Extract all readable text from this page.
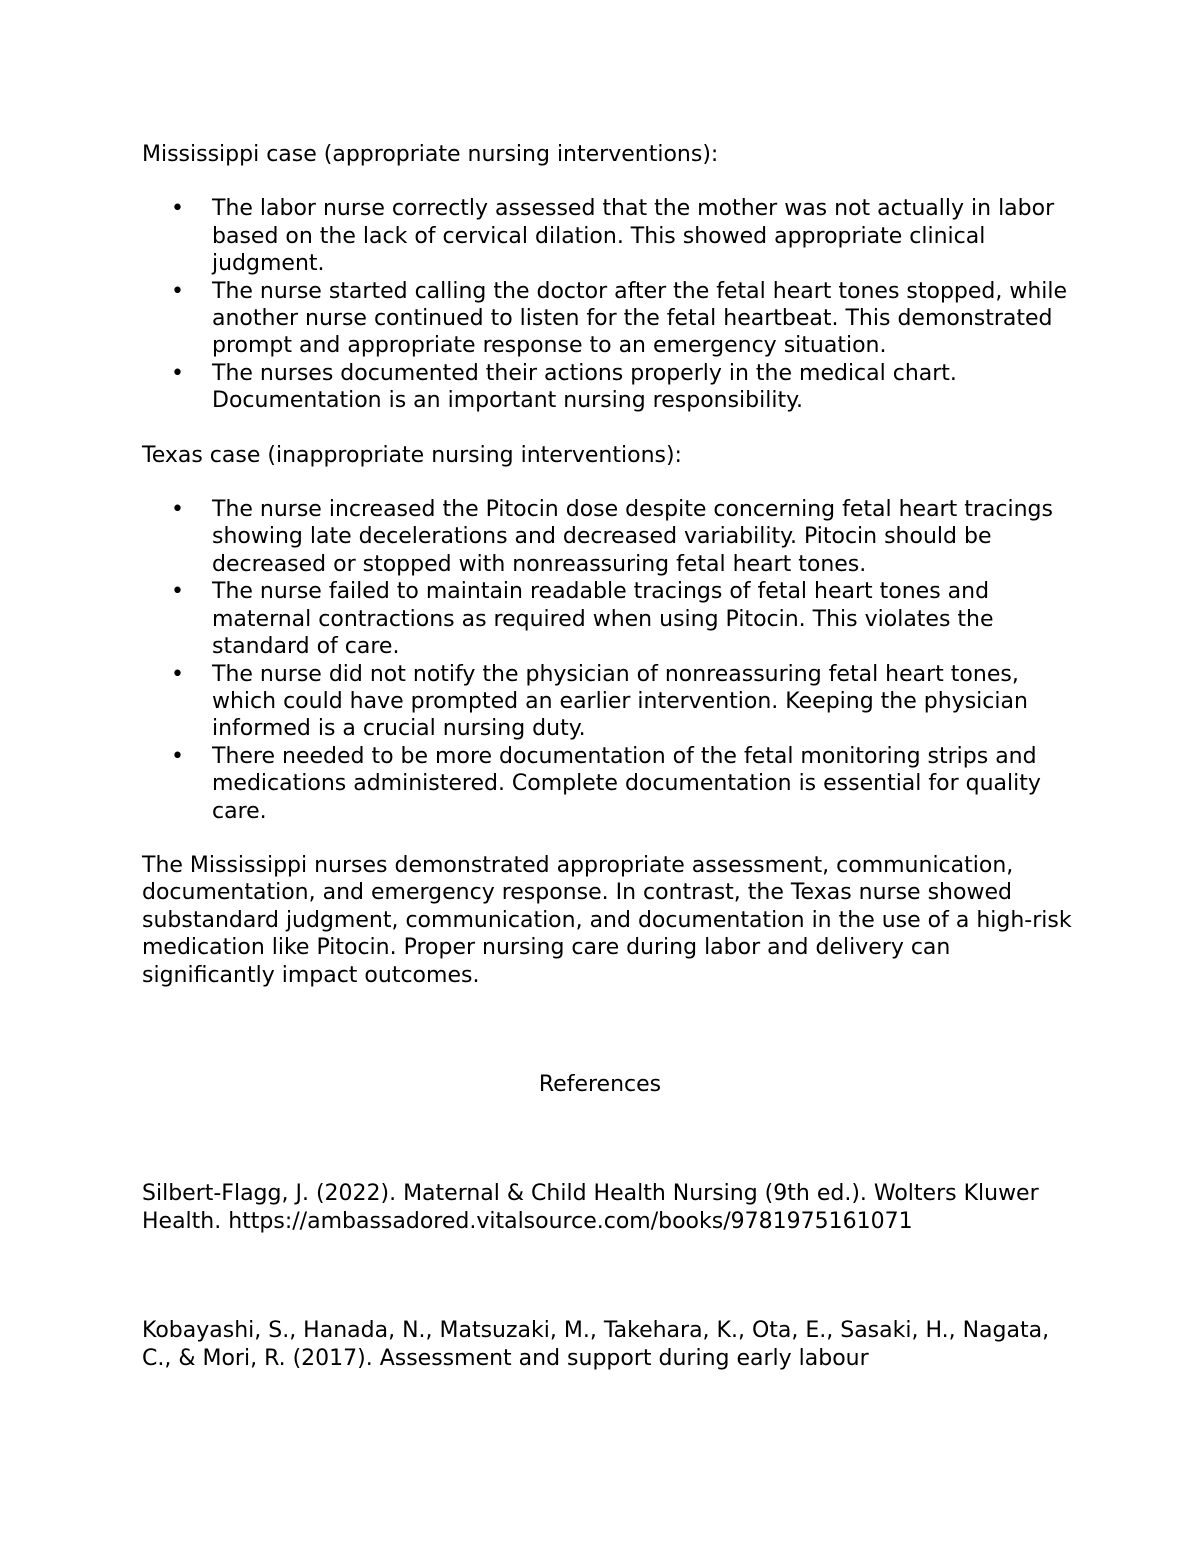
Mississippi case (appropriate nursing interventions):

• The labor nurse correctly assessed that the mother was not actually in labor based on the lack of cervical dilation. This showed appropriate clinical judgment.
• The nurse started calling the doctor after the fetal heart tones stopped, while another nurse continued to listen for the fetal heartbeat. This demonstrated prompt and appropriate response to an emergency situation.
• The nurses documented their actions properly in the medical chart. Documentation is an important nursing responsibility.

Texas case (inappropriate nursing interventions):

• The nurse increased the Pitocin dose despite concerning fetal heart tracings showing late decelerations and decreased variability. Pitocin should be decreased or stopped with nonreassuring fetal heart tones.
• The nurse failed to maintain readable tracings of fetal heart tones and maternal contractions as required when using Pitocin. This violates the standard of care.
• The nurse did not notify the physician of nonreassuring fetal heart tones, which could have prompted an earlier intervention. Keeping the physician informed is a crucial nursing duty.
• There needed to be more documentation of the fetal monitoring strips and medications administered. Complete documentation is essential for quality care.

The Mississippi nurses demonstrated appropriate assessment, communication, documentation, and emergency response. In contrast, the Texas nurse showed substandard judgment, communication, and documentation in the use of a high-risk medication like Pitocin. Proper nursing care during labor and delivery can significantly impact outcomes.

References

Silbert-Flagg, J. (2022). Maternal & Child Health Nursing (9th ed.). Wolters Kluwer Health. https://ambassadored.vitalsource.com/books/9781975161071

Kobayashi, S., Hanada, N., Matsuzaki, M., Takehara, K., Ota, E., Sasaki, H., Nagata, C., & Mori, R. (2017). Assessment and support during early labour
